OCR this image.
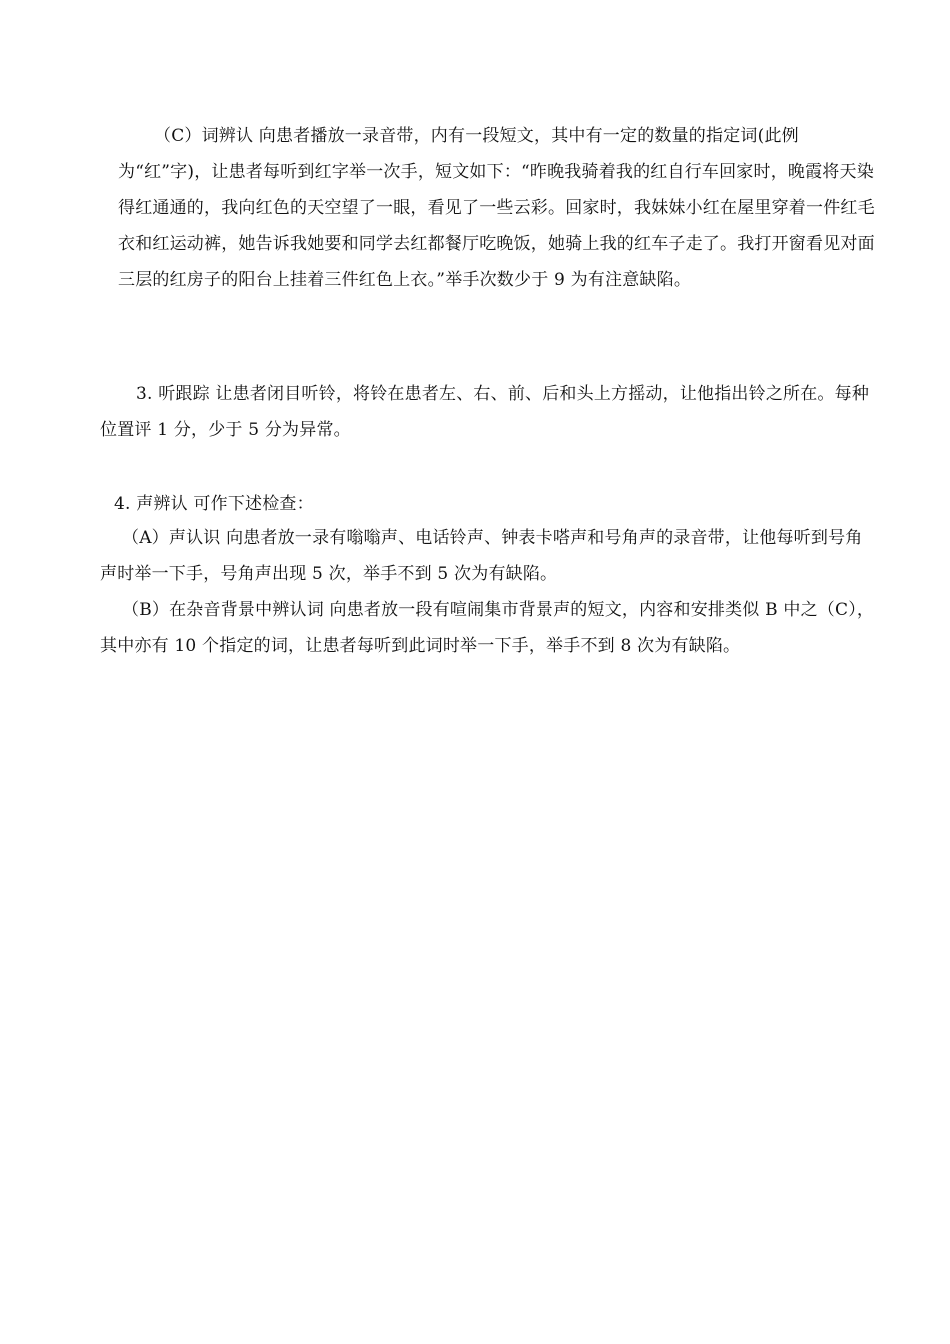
（C）词辨认 向患者播放一录音带，内有一段短文，其中有一定的数量的指定词(此例为“红”字)，让患者每听到红字举一次手，短文如下：“昨晚我骑着我的红自行车回家时，晚霞将天染得红通通的，我向红色的天空望了一眼，看见了一些云彩。回家时，我妹妹小红在屋里穿着一件红毛衣和红运动裤，她告诉我她要和同学去红都餐厅吃晚饭，她骑上我的红车子走了。我打开窗看见对面三层的红房子的阳台上挂着三件红色上衣。”举手次数少于 9 为有注意缺陷。

3. 听跟踪 让患者闭目听铃，将铃在患者左、右、前、后和头上方摇动，让他指出铃之所在。每种位置评 1 分，少于 5 分为异常。

4. 声辨认 可作下述检查：

（A）声认识 向患者放一录有嗡嗡声、电话铃声、钟表卡嗒声和号角声的录音带，让他每听到号角声时举一下手，号角声出现 5 次，举手不到 5 次为有缺陷。

（B）在杂音背景中辨认词 向患者放一段有喧闹集市背景声的短文，内容和安排类似 B 中之（C），其中亦有 10 个指定的词，让患者每听到此词时举一下手，举手不到 8 次为有缺陷。
